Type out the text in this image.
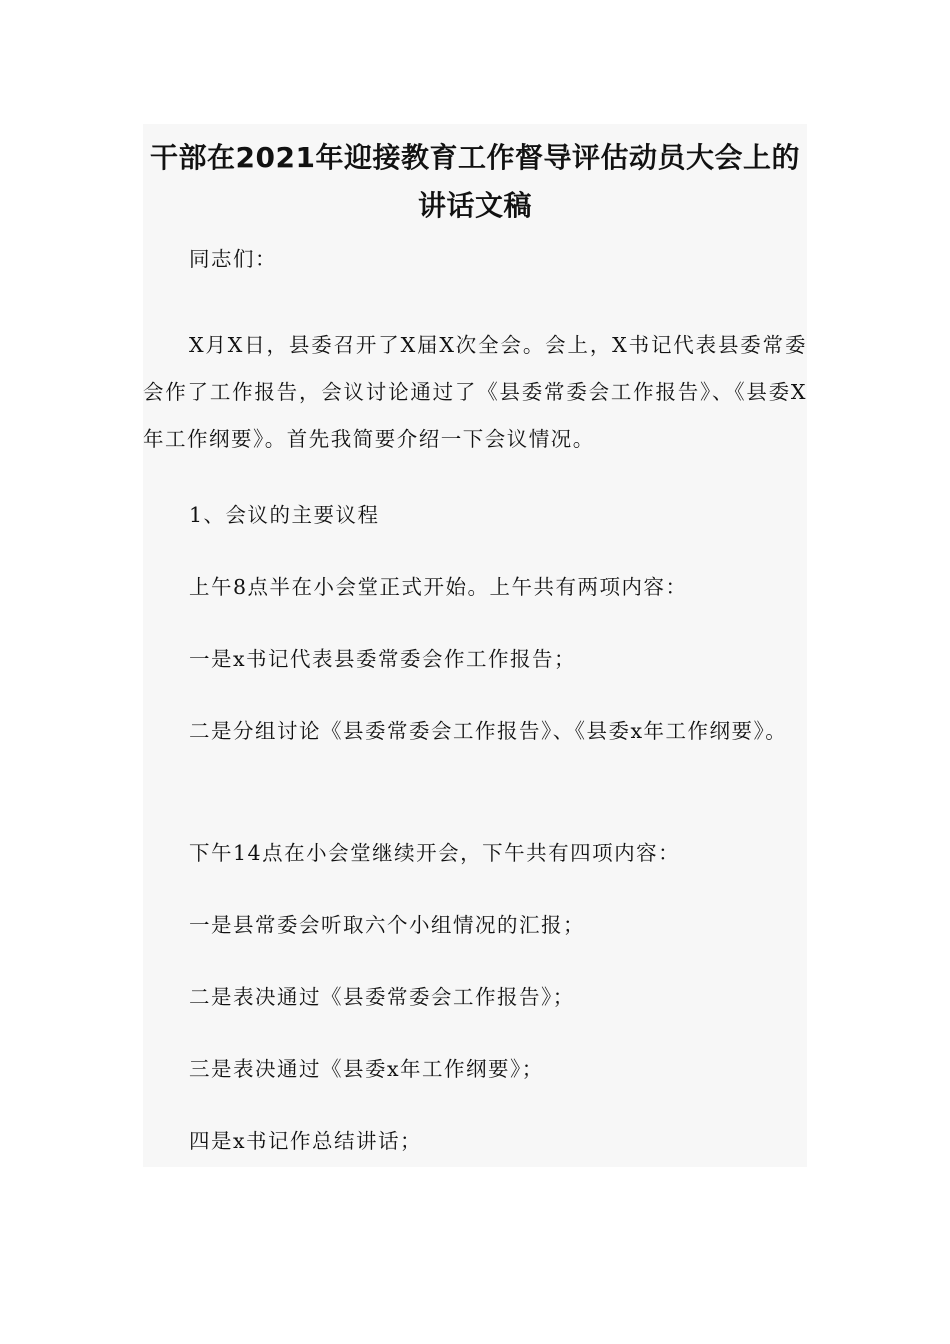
干部在2021年迎接教育工作督导评估动员大会上的
讲话文稿

同志们：

X月X日，县委召开了X届X次全会。会上，X书记代表县委常委会作了工作报告，会议讨论通过了《县委常委会工作报告》、《县委X年工作纲要》。首先我简要介绍一下会议情况。

1、会议的主要议程

上午8点半在小会堂正式开始。上午共有两项内容：

一是x书记代表县委常委会作工作报告；

二是分组讨论《县委常委会工作报告》、《县委x年工作纲要》。

下午14点在小会堂继续开会，下午共有四项内容：

一是县常委会听取六个小组情况的汇报；

二是表决通过《县委常委会工作报告》；

三是表决通过《县委x年工作纲要》；

四是x书记作总结讲话；
